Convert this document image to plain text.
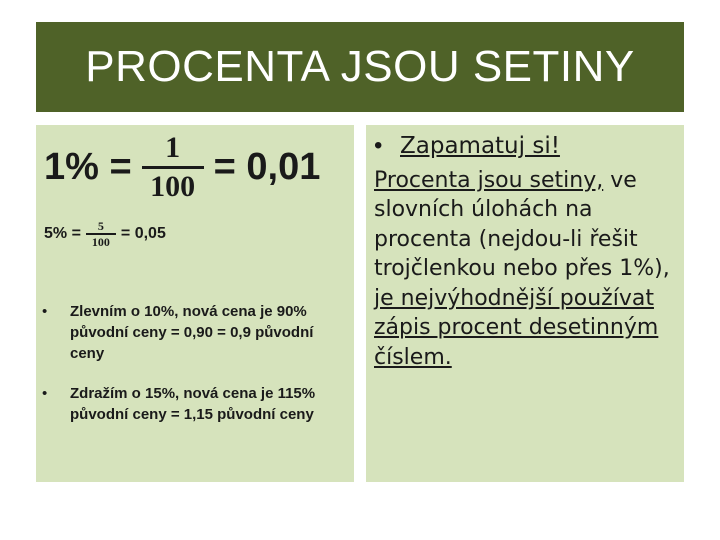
PROCENTA JSOU SETINY
$1\% = \frac{1}{100} = 0,01$
$5\% = \frac{5}{100} = 0,05$
• Zlevním o 10%, nová cena je 90% původní ceny = 0,90 = 0,9 původní ceny
• Zdražím o 15%, nová cena je 115% původní ceny = 1,15 původní ceny
• Zapamatuj si!
Procenta jsou setiny, ve slovních úlohách na procenta (nejdou-li řešit trojčlenkou nebo přes 1%), je nejvýhodnější používat zápis procent desetinným číslem.
